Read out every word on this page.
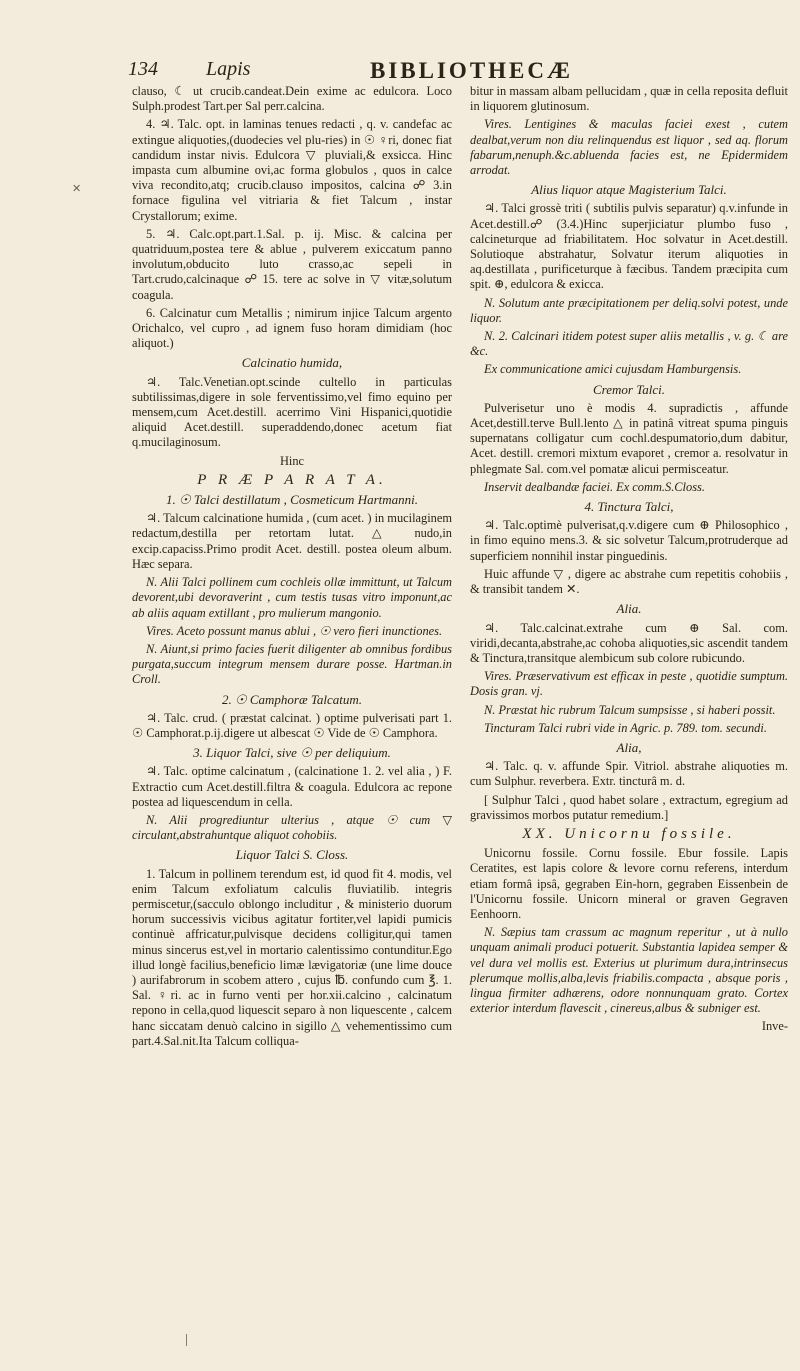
134 Lapis	BIBLIOTHECÆ
✕

clauso, ☾ ut crucib.candeat.Dein exime ac edulcora. Loco Sulph.prodest Tart.per Sal perr.calcina.

4. ♃. Talc. opt. in laminas tenues redacti , q. v. candefac ac extingue aliquoties,(duodecies vel plu-ries) in ☉ ♀ri, donec fiat candidum instar nivis. Edulcora ▽ pluviali,& exsicca. Hinc impasta cum albumine ovi,ac forma globulos , quos in calce viva recondito,atq; crucib.clauso impositos, calcina ☍ 3.in fornace figulina vel vitriaria & fiet Talcum , instar Crystallorum; exime.

5. ♃. Calc.opt.part.1.Sal. p. ij. Misc. & calcina per quatriduum,postea tere & ablue , pulverem exiccatum panno involutum,obducito luto crasso,ac sepeli in Tart.crudo,calcinaque ☍ 15. tere ac solve in ▽ vitæ,solutum coagula.

6. Calcinatur cum Metallis ; nimirum injice Talcum argento Orichalco, vel cupro , ad ignem fuso horam dimidiam (hoc aliquot.)

Calcinatio humida,

♃. Talc.Venetian.opt.scinde cultello in particulas subtilissimas,digere in sole ferventissimo,vel fimo equino per mensem,cum Acet.destill. acerrimo Vini Hispanici,quotidie aliquid Acet.destill. superaddendo,donec acetum fiat q.mucilaginosum.

Hinc

P R Æ P A R A T A.

1. ☉ Talci destillatum , Cosmeticum Hartmanni.

♃. Talcum calcinatione humida , (cum acet. ) in mucilaginem redactum,destilla per retortam lutat. △ nudo,in excip.capaciss.Primo prodit Acet. destill. postea oleum album. Hæc separa.

N. Alii Talci pollinem cum cochleis ollæ immittunt, ut Talcum devorent,ubi devoraverint , cum testis tusas vitro imponunt,ac ab aliis aquam extillant , pro mulierum mangonio.

Vires. Aceto possunt manus ablui , ☉ vero fieri inunctiones.

N. Aiunt,si primo facies fuerit diligenter ab omnibus fordibus purgata,succum integrum mensem durare posse. Hartman.in Croll.

2. ☉ Camphoræ Talcatum.

♃. Talc. crud. ( præstat calcinat. ) optime pulverisati part 1. ☉ Camphorat.p.ij.digere ut albescat ☉ Vide de ☉ Camphora.

3. Liquor Talci, sive ☉ per deliquium.

♃. Talc. optime calcinatum , (calcinatione 1. 2. vel alia , ) F. Extractio cum Acet.destill.filtra & coagula. Edulcora ac repone postea ad liquescendum in cella.

N. Alii progrediuntur ulterius , atque ☉ cum ▽ circulant,abstrahuntque aliquot cohobiis.

Liquor Talci S. Closs.

1. Talcum in pollinem terendum est, id quod fit 4. modis, vel enim Talcum exfoliatum calculis fluviatilib. integris permiscetur,(sacculo oblongo includitur , & ministerio duorum horum successivis vicibus agitatur fortiter,vel lapidi pumicis continuè affricatur,pulvisque decidens colligitur,qui tamen minus sincerus est,vel in mortario calentissimo contunditur.Ego illud longè facilius,beneficio limæ lævigatoriæ (une lime douce ) aurifabrorum in scobem attero , cujus ℔. confundo cum ℥. 1. Sal. ♀ri. ac in furno venti per hor.xii.calcino , calcinatum repono in cella,quod liquescit separo à non liquescente , calcem hanc siccatam denuò calcino in sigillo △ vehementissimo cum part.4.Sal.nit.Ita Talcum colliqua-

bitur in massam albam pellucidam , quæ in cella reposita defluit in liquorem glutinosum.

Vires. Lentigines & maculas faciei exest , cutem dealbat,verum non diu relinquendus est liquor , sed aq. florum fabarum,nenuph.&c.abluenda facies est, ne Epidermidem arrodat.

Alius liquor atque Magisterium Talci.

♃. Talci grossè triti ( subtilis pulvis separatur) q.v.infunde in Acet.destill.☍ (3.4.)Hinc superjiciatur plumbo fuso , calcineturque ad friabilitatem. Hoc solvatur in Acet.destill. Solutioque abstrahatur, Solvatur iterum aliquoties in aq.destillata , purificeturque à fæcibus. Tandem præcipita cum spit. ⊕, edulcora & exicca.

N. Solutum ante præcipitationem per deliq.solvi potest, unde liquor.

N. 2. Calcinari itidem potest super aliis metallis , v. g. ☾ are &c.

Ex communicatione amici cujusdam Hamburgensis.

Cremor Talci.

Pulverisetur uno è modis 4. supradictis , affunde Acet,destill.terve Bull.lento △ in patinâ vitreat spuma pinguis supernatans colligatur cum cochl.despumatorio,dum dabitur, Acet. destill. cremori mixtum evaporet , cremor a. resolvatur in phlegmate Sal. com.vel pomatæ alicui permisceatur.

Inservit dealbandæ faciei. Ex comm.S.Closs.

4. Tinctura Talci,

♃. Talc.optimè pulverisat,q.v.digere cum ⊕ Philosophico , in fimo equino mens.3. & sic solvetur Talcum,protruderque ad superficiem nonnihil instar pinguedinis.

Huic affunde ▽ , digere ac abstrahe cum repetitis cohobiis , & transibit tandem ✕.

Alia.

♃. Talc.calcinat.extrahe cum ⊕ Sal. com. viridi,decanta,abstrahe,ac cohoba aliquoties,sic ascendit tandem & Tinctura,transitque alembicum sub colore rubicundo.

Vires. Præservativum est efficax in peste , quotidie sumptum. Dosis gran. vj.

N. Præstat hic rubrum Talcum sumpsisse , si haberi possit.

Tincturam Talci rubri vide in Agric. p. 789. tom. secundi.

Alia,

♃. Talc. q. v. affunde Spir. Vitriol. abstrahe aliquoties m. cum Sulphur. reverbera. Extr. tincturâ m. d.

[ Sulphur Talci , quod habet solare , extractum, egregium ad gravissimos morbos putatur remedium.]

XX. Unicornu fossile.

Unicornu fossile. Cornu fossile. Ebur fossile. Lapis Ceratites, est lapis colore & levore cornu referens, interdum etiam formâ ipsâ, gegraben Ein-horn, gegraben Eissenbein de l'Unicornu fossile. Unicorn mineral or graven Gegraven Eenhoorn.

N. Sæpius tam crassum ac magnum reperitur , ut à nullo unquam animali produci potuerit. Substantia lapidea semper & vel dura vel mollis est. Exterius ut plurimum dura,intrinsecus plerumque mollis,alba,levis friabilis.compacta , absque poris , lingua firmiter adhærens, odore nonnunquam grato. Cortex exterior interdum flavescit , cinereus,albus & subniger est.

Inve-
